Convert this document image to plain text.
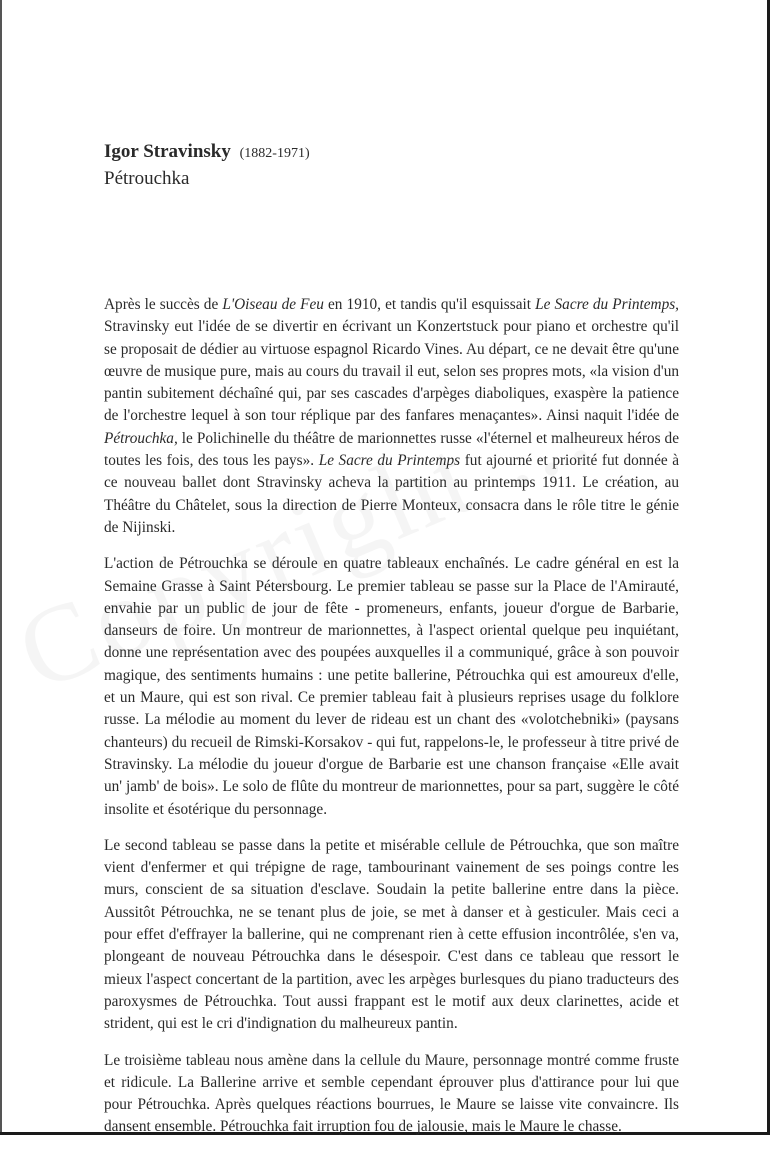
Igor Stravinsky (1882-1971)
Pétrouchka

Après le succès de L'Oiseau de Feu en 1910, et tandis qu'il esquissait Le Sacre du Printemps, Stravinsky eut l'idée de se divertir en écrivant un Konzertstuck pour piano et orchestre qu'il se proposait de dédier au virtuose espagnol Ricardo Vines. Au départ, ce ne devait être qu'une œuvre de musique pure, mais au cours du travail il eut, selon ses propres mots, «la vision d'un pantin subitement déchaîné qui, par ses cascades d'arpèges diaboliques, exaspère la patience de l'orchestre lequel à son tour réplique par des fanfares menaçantes». Ainsi naquit l'idée de Pétrouchka, le Polichinelle du théâtre de marionnettes russe «l'éternel et malheureux héros de toutes les fois, des tous les pays». Le Sacre du Printemps fut ajourné et priorité fut donnée à ce nouveau ballet dont Stravinsky acheva la partition au printemps 1911. Le création, au Théâtre du Châtelet, sous la direction de Pierre Monteux, consacra dans le rôle titre le génie de Nijinski.

L'action de Pétrouchka se déroule en quatre tableaux enchaînés. Le cadre général en est la Semaine Grasse à Saint Pétersbourg. Le premier tableau se passe sur la Place de l'Amirauté, envahie par un public de jour de fête - promeneurs, enfants, joueur d'orgue de Barbarie, danseurs de foire. Un montreur de marionnettes, à l'aspect oriental quelque peu inquiétant, donne une représentation avec des poupées auxquelles il a communiqué, grâce à son pouvoir magique, des sentiments humains : une petite ballerine, Pétrouchka qui est amoureux d'elle, et un Maure, qui est son rival. Ce premier tableau fait à plusieurs reprises usage du folklore russe. La mélodie au moment du lever de rideau est un chant des «volotchebniki» (paysans chanteurs) du recueil de Rimski-Korsakov - qui fut, rappelons-le, le professeur à titre privé de Stravinsky. La mélodie du joueur d'orgue de Barbarie est une chanson française «Elle avait un' jamb' de bois». Le solo de flûte du montreur de marionnettes, pour sa part, suggère le côté insolite et ésotérique du personnage.

Le second tableau se passe dans la petite et misérable cellule de Pétrouchka, que son maître vient d'enfermer et qui trépigne de rage, tambourinant vainement de ses poings contre les murs, conscient de sa situation d'esclave. Soudain la petite ballerine entre dans la pièce. Aussitôt Pétrouchka, ne se tenant plus de joie, se met à danser et à gesticuler. Mais ceci a pour effet d'effrayer la ballerine, qui ne comprenant rien à cette effusion incontrôlée, s'en va, plongeant de nouveau Pétrouchka dans le désespoir. C'est dans ce tableau que ressort le mieux l'aspect concertant de la partition, avec les arpèges burlesques du piano traducteurs des paroxysmes de Pétrouchka. Tout aussi frappant est le motif aux deux clarinettes, acide et strident, qui est le cri d'indignation du malheureux pantin.

Le troisième tableau nous amène dans la cellule du Maure, personnage montré comme fruste et ridicule. La Ballerine arrive et semble cependant éprouver plus d'attirance pour lui que pour Pétrouchka. Après quelques réactions bourrues, le Maure se laisse vite convaincre. Ils dansent ensemble. Pétrouchka fait irruption fou de jalousie, mais le Maure le chasse.
